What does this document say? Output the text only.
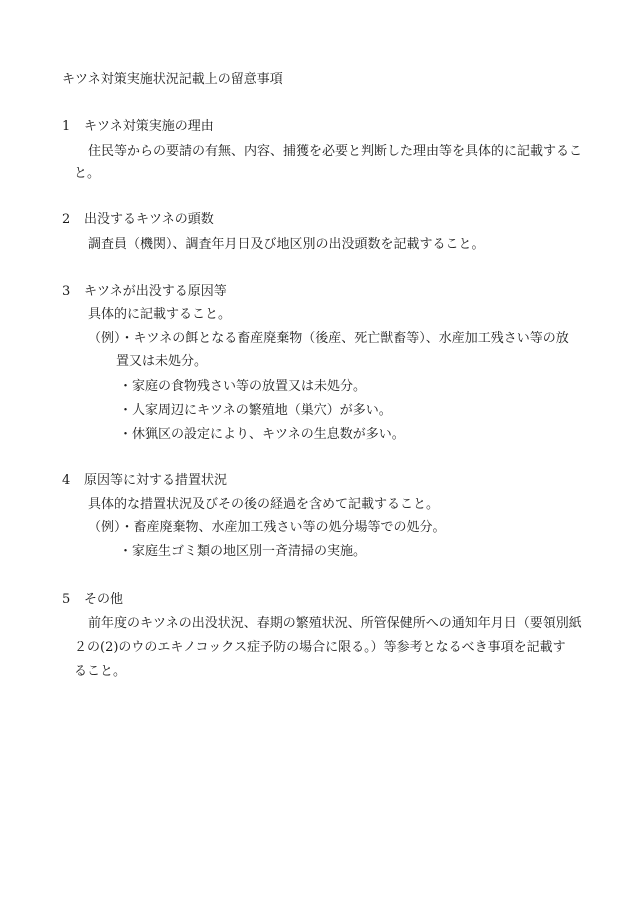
キツネ対策実施状況記載上の留意事項
1 キツネ対策実施の理由
住民等からの要請の有無、内容、捕獲を必要と判断した理由等を具体的に記載するこ
と。
2 出没するキツネの頭数
調査員（機関）、調査年月日及び地区別の出没頭数を記載すること。
3 キツネが出没する原因等
具体的に記載すること。
（例）・キツネの餌となる畜産廃棄物（後産、死亡獣畜等）、水産加工残さい等の放
置又は未処分。
・家庭の食物残さい等の放置又は未処分。
・人家周辺にキツネの繁殖地（巣穴）が多い。
・休猟区の設定により、キツネの生息数が多い。
4 原因等に対する措置状況
具体的な措置状況及びその後の経過を含めて記載すること。
（例）・畜産廃棄物、水産加工残さい等の処分場等での処分。
・家庭生ゴミ類の地区別一斉清掃の実施。
5 その他
前年度のキツネの出没状況、春期の繁殖状況、所管保健所への通知年月日（要領別紙
２の(2)のウのエキノコックス症予防の場合に限る。）等参考となるべき事項を記載す
ること。
